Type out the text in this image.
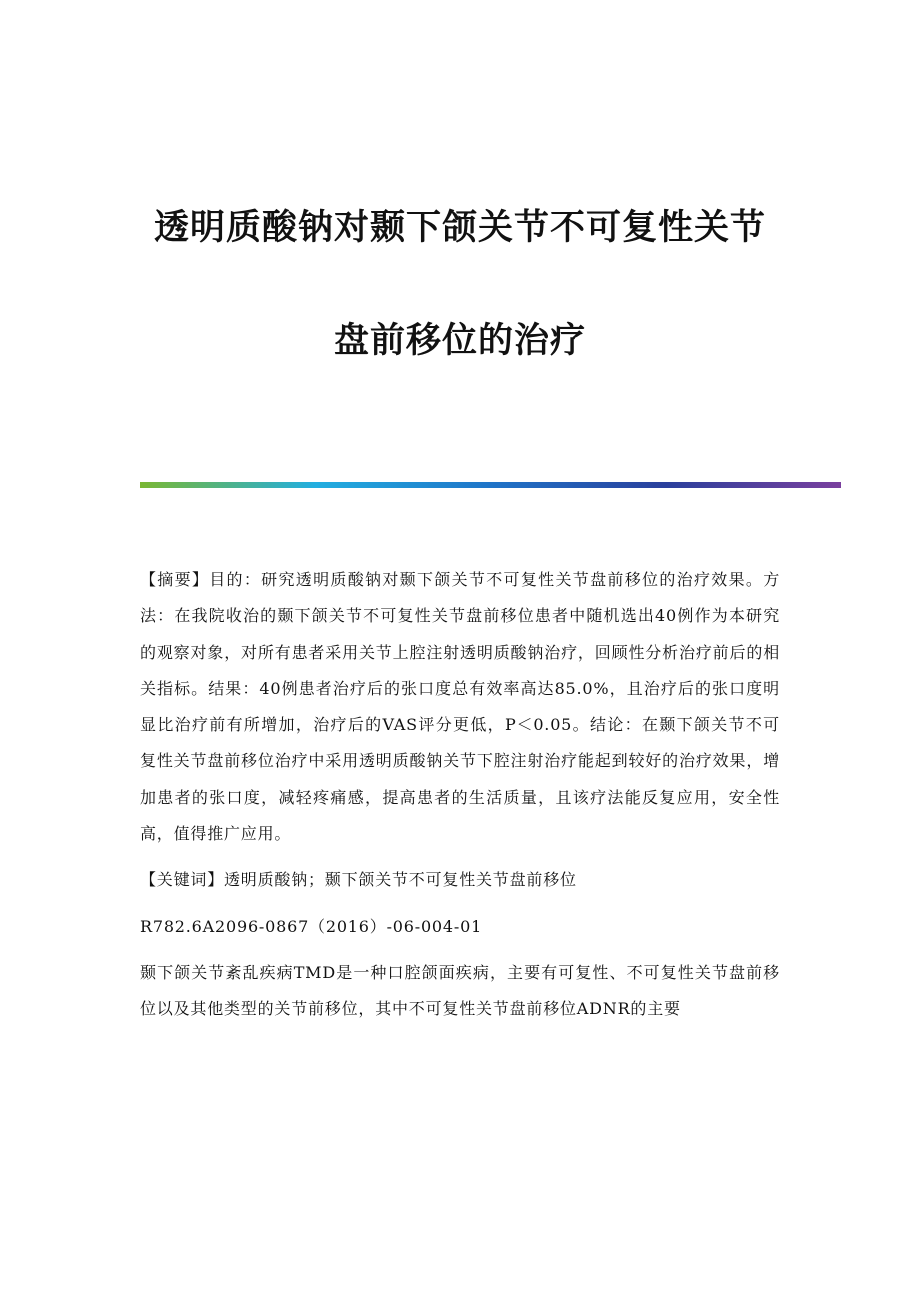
透明质酸钠对颞下颌关节不可复性关节
盘前移位的治疗

【摘要】目的：研究透明质酸钠对颞下颌关节不可复性关节盘前移位的治疗效果。方法：在我院收治的颞下颌关节不可复性关节盘前移位患者中随机选出40例作为本研究的观察对象，对所有患者采用关节上腔注射透明质酸钠治疗，回顾性分析治疗前后的相关指标。结果：40例患者治疗后的张口度总有效率高达85.0%，且治疗后的张口度明显比治疗前有所增加，治疗后的VAS评分更低，P＜0.05。结论：在颞下颌关节不可复性关节盘前移位治疗中采用透明质酸钠关节下腔注射治疗能起到较好的治疗效果，增加患者的张口度，减轻疼痛感，提高患者的生活质量，且该疗法能反复应用，安全性高，值得推广应用。

【关键词】透明质酸钠；颞下颌关节不可复性关节盘前移位

R782.6A2096-0867（2016）-06-004-01

颞下颌关节紊乱疾病TMD是一种口腔颌面疾病，主要有可复性、不可复性关节盘前移位以及其他类型的关节前移位，其中不可复性关节盘前移位ADNR的主要
